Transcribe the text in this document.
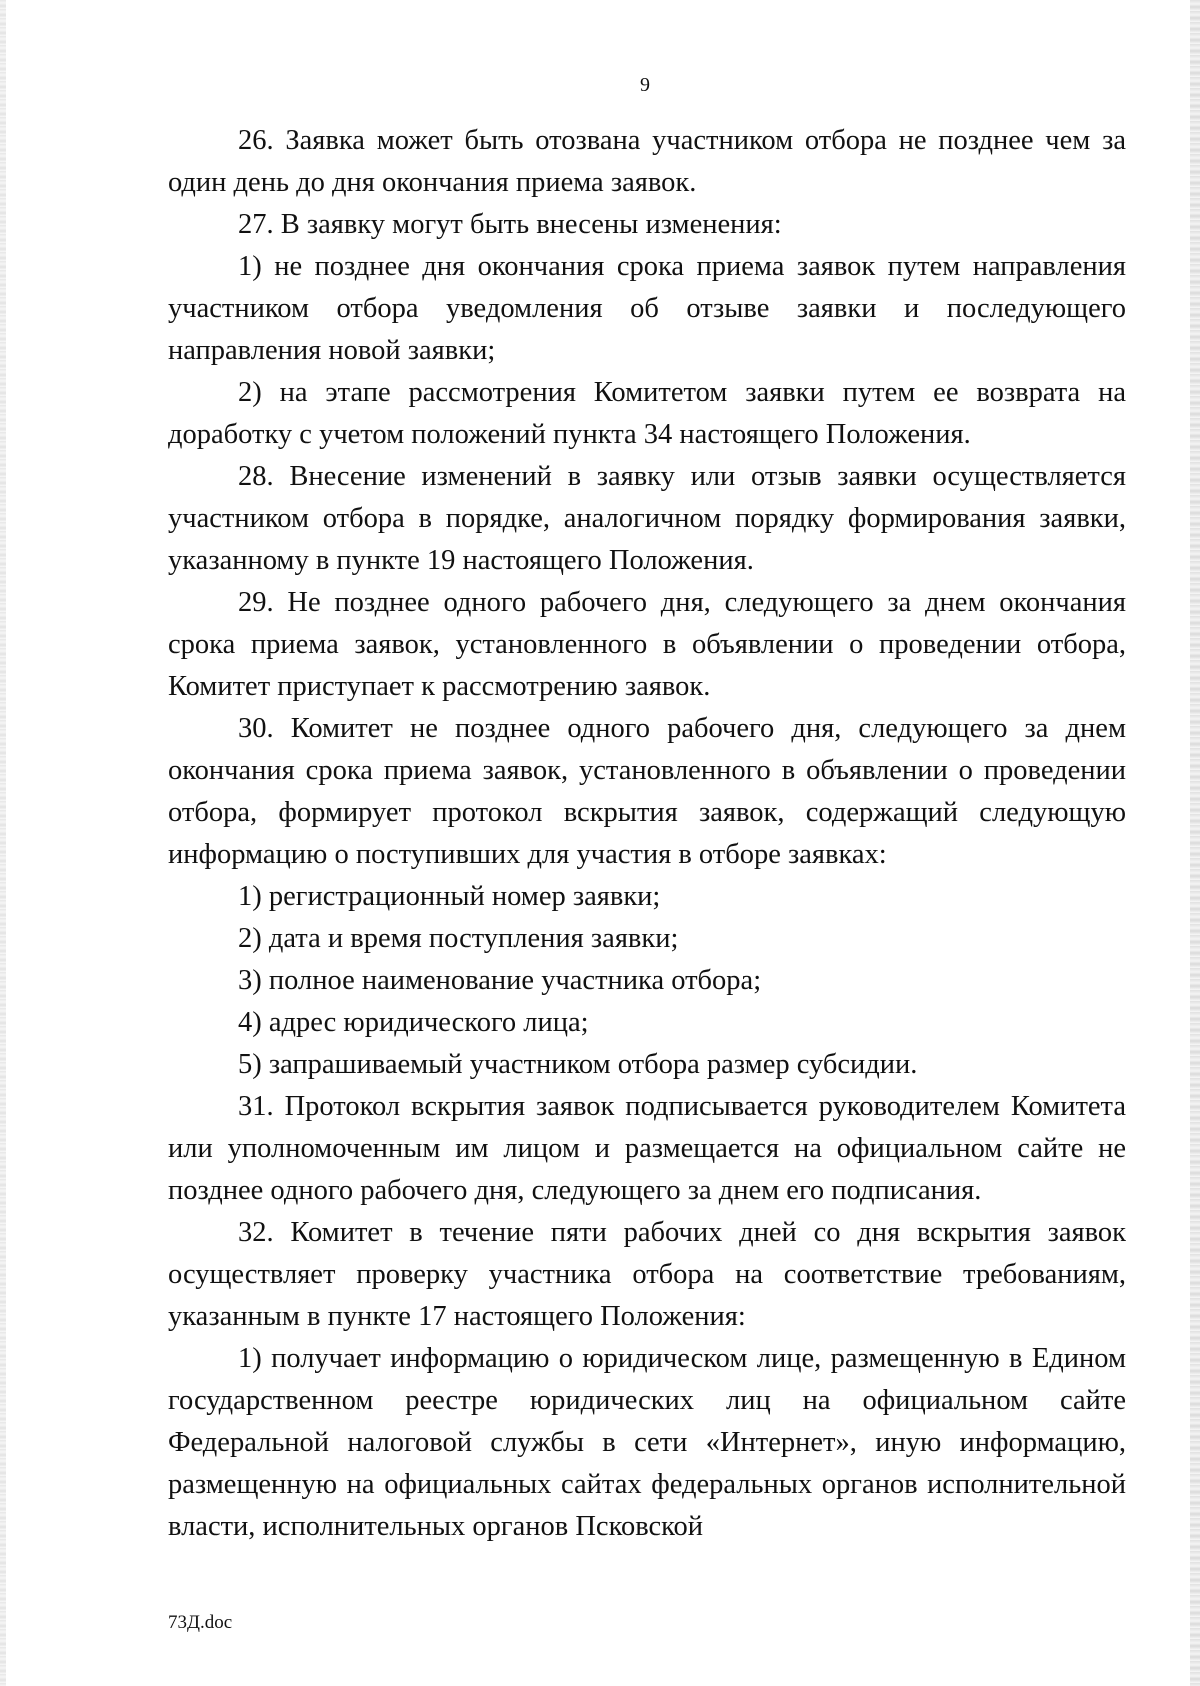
9

26. Заявка может быть отозвана участником отбора не позднее чем за один день до дня окончания приема заявок.

27. В заявку могут быть внесены изменения:

1) не позднее дня окончания срока приема заявок путем направления участником отбора уведомления об отзыве заявки и последующего направления новой заявки;

2) на этапе рассмотрения Комитетом заявки путем ее возврата на доработку с учетом положений пункта 34 настоящего Положения.

28. Внесение изменений в заявку или отзыв заявки осуществляется участником отбора в порядке, аналогичном порядку формирования заявки, указанному в пункте 19 настоящего Положения.

29. Не позднее одного рабочего дня, следующего за днем окончания срока приема заявок, установленного в объявлении о проведении отбора, Комитет приступает к рассмотрению заявок.

30. Комитет не позднее одного рабочего дня, следующего за днем окончания срока приема заявок, установленного в объявлении о проведении отбора, формирует протокол вскрытия заявок, содержащий следующую информацию о поступивших для участия в отборе заявках:

1) регистрационный номер заявки;

2) дата и время поступления заявки;

3) полное наименование участника отбора;

4) адрес юридического лица;

5) запрашиваемый участником отбора размер субсидии.

31. Протокол вскрытия заявок подписывается руководителем Комитета или уполномоченным им лицом и размещается на официальном сайте не позднее одного рабочего дня, следующего за днем его подписания.

32. Комитет в течение пяти рабочих дней со дня вскрытия заявок осуществляет проверку участника отбора на соответствие требованиям, указанным в пункте 17 настоящего Положения:

1) получает информацию о юридическом лице, размещенную в Едином государственном реестре юридических лиц на официальном сайте Федеральной налоговой службы в сети «Интернет», иную информацию, размещенную на официальных сайтах федеральных органов исполнительной власти, исполнительных органов Псковской

73Д.doc
